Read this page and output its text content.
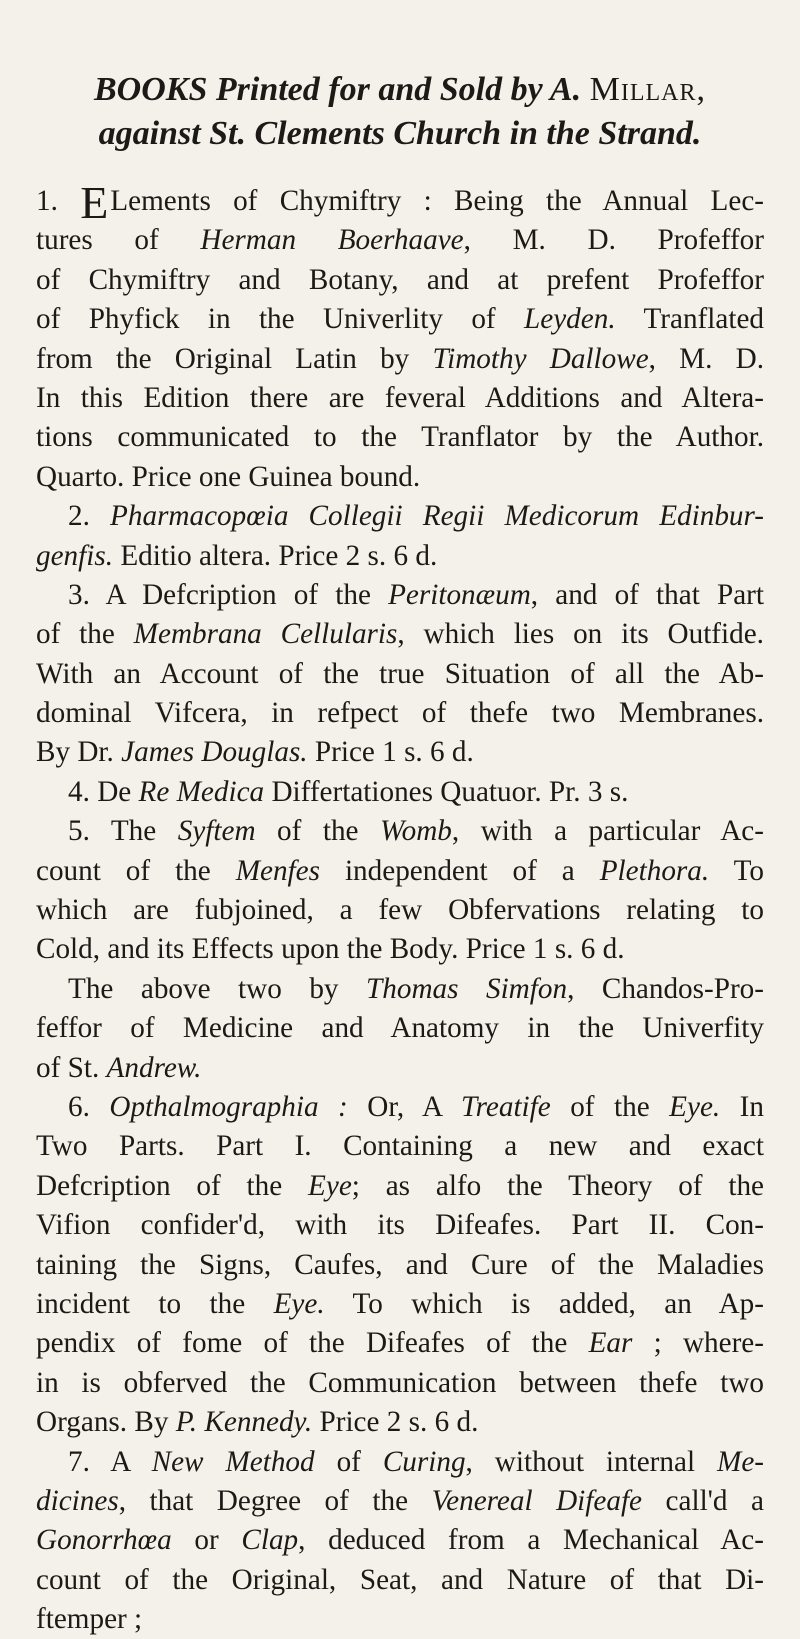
BOOKS Printed for and Sold by A. Millar,
against St. Clements Church in the Strand.
1. ELements of Chymiftry : Being the Annual Lec-
tures of Herman Boerhaave, M. D. Profeffor
of Chymiftry and Botany, and at prefent Profeffor
of Phyfick in the Univerlity of Leyden. Tranflated
from the Original Latin by Timothy Dallowe, M. D.
In this Edition there are feveral Additions and Altera-
tions communicated to the Tranflator by the Author.
Quarto. Price one Guinea bound.
2. Pharmacopœia Collegii Regii Medicorum Edinbur-
genfis. Editio altera. Price 2 s. 6 d.
3. A Defcription of the Peritonæum, and of that Part
of the Membrana Cellularis, which lies on its Outfide.
With an Account of the true Situation of all the Ab-
dominal Vifcera, in refpect of thefe two Membranes.
By Dr. James Douglas. Price 1 s. 6 d.
4. De Re Medica Differtationes Quatuor. Pr. 3 s.
5. The Syftem of the Womb, with a particular Ac-
count of the Menfes independent of a Plethora. To
which are fubjoined, a few Obfervations relating to
Cold, and its Effects upon the Body. Price 1 s. 6 d.
The above two by Thomas Simfon, Chandos-Pro-
feffor of Medicine and Anatomy in the Univerfity
of St. Andrew.
6. Opthalmographia : Or, A Treatife of the Eye. In
Two Parts. Part I. Containing a new and exact
Defcription of the Eye; as alfo the Theory of the
Vifion confider'd, with its Difeafes. Part II. Con-
taining the Signs, Caufes, and Cure of the Maladies
incident to the Eye. To which is added, an Ap-
pendix of fome of the Difeafes of the Ear ; where-
in is obferved the Communication between thefe two
Organs. By P. Kennedy. Price 2 s. 6 d.
7. A New Method of Curing, without internal Me-
dicines, that Degree of the Venereal Difeafe call'd a
Gonorrhœa or Clap, deduced from a Mechanical Ac-
count of the Original, Seat, and Nature of that Di-
ftemper ;
